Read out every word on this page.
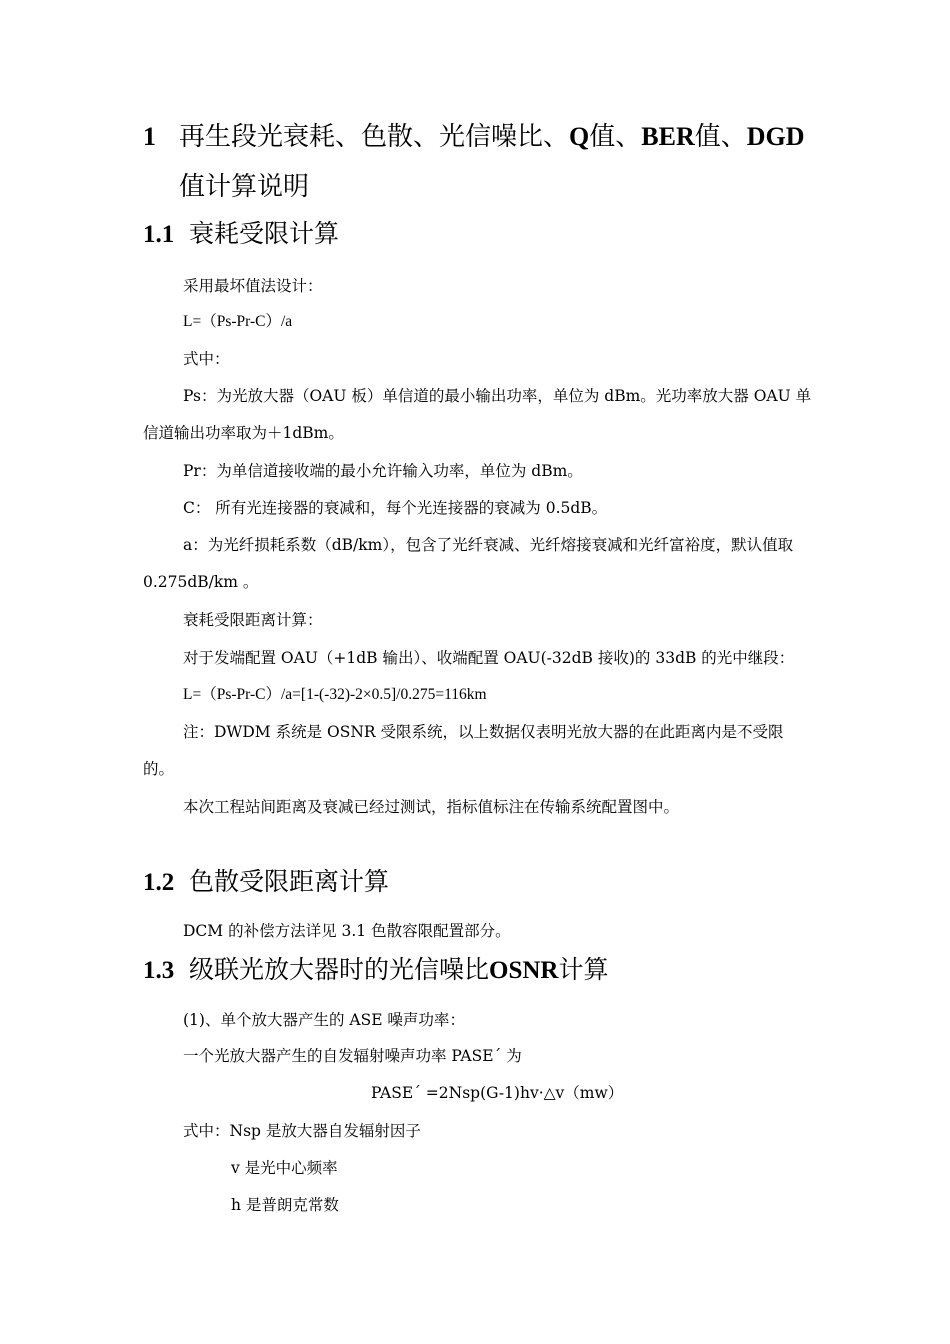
1 再生段光衰耗、色散、光信噪比、Q值、BER值、DGD
值计算说明
1.1 衰耗受限计算
采用最坏值法设计：
L=（Ps-Pr-C）/a
式中：
Ps：为光放大器（OAU 板）单信道的最小输出功率，单位为 dBm。光功率放大器 OAU 单信道输出功率取为＋1dBm。
Pr：为单信道接收端的最小允许输入功率，单位为 dBm。
C： 所有光连接器的衰减和，每个光连接器的衰减为 0.5dB。
a：为光纤损耗系数（dB/km），包含了光纤衰减、光纤熔接衰减和光纤富裕度，默认值取 0.275dB/km 。
衰耗受限距离计算：
对于发端配置 OAU（+1dB 输出）、收端配置 OAU(-32dB 接收)的 33dB 的光中继段：
L=（Ps-Pr-C）/a=[1-(-32)-2×0.5]/0.275=116km
注：DWDM 系统是 OSNR 受限系统，以上数据仅表明光放大器的在此距离内是不受限的。
本次工程站间距离及衰减已经过测试，指标值标注在传输系统配置图中。
1.2 色散受限距离计算
DCM 的补偿方法详见 3.1 色散容限配置部分。
1.3 级联光放大器时的光信噪比OSNR计算
(1)、单个放大器产生的 ASE 噪声功率：
一个光放大器产生的自发辐射噪声功率 PASE´ 为
PASE´ =2Nsp(G-1)hv·△v（mw）
式中：Nsp 是放大器自发辐射因子
v 是光中心频率
h 是普朗克常数
